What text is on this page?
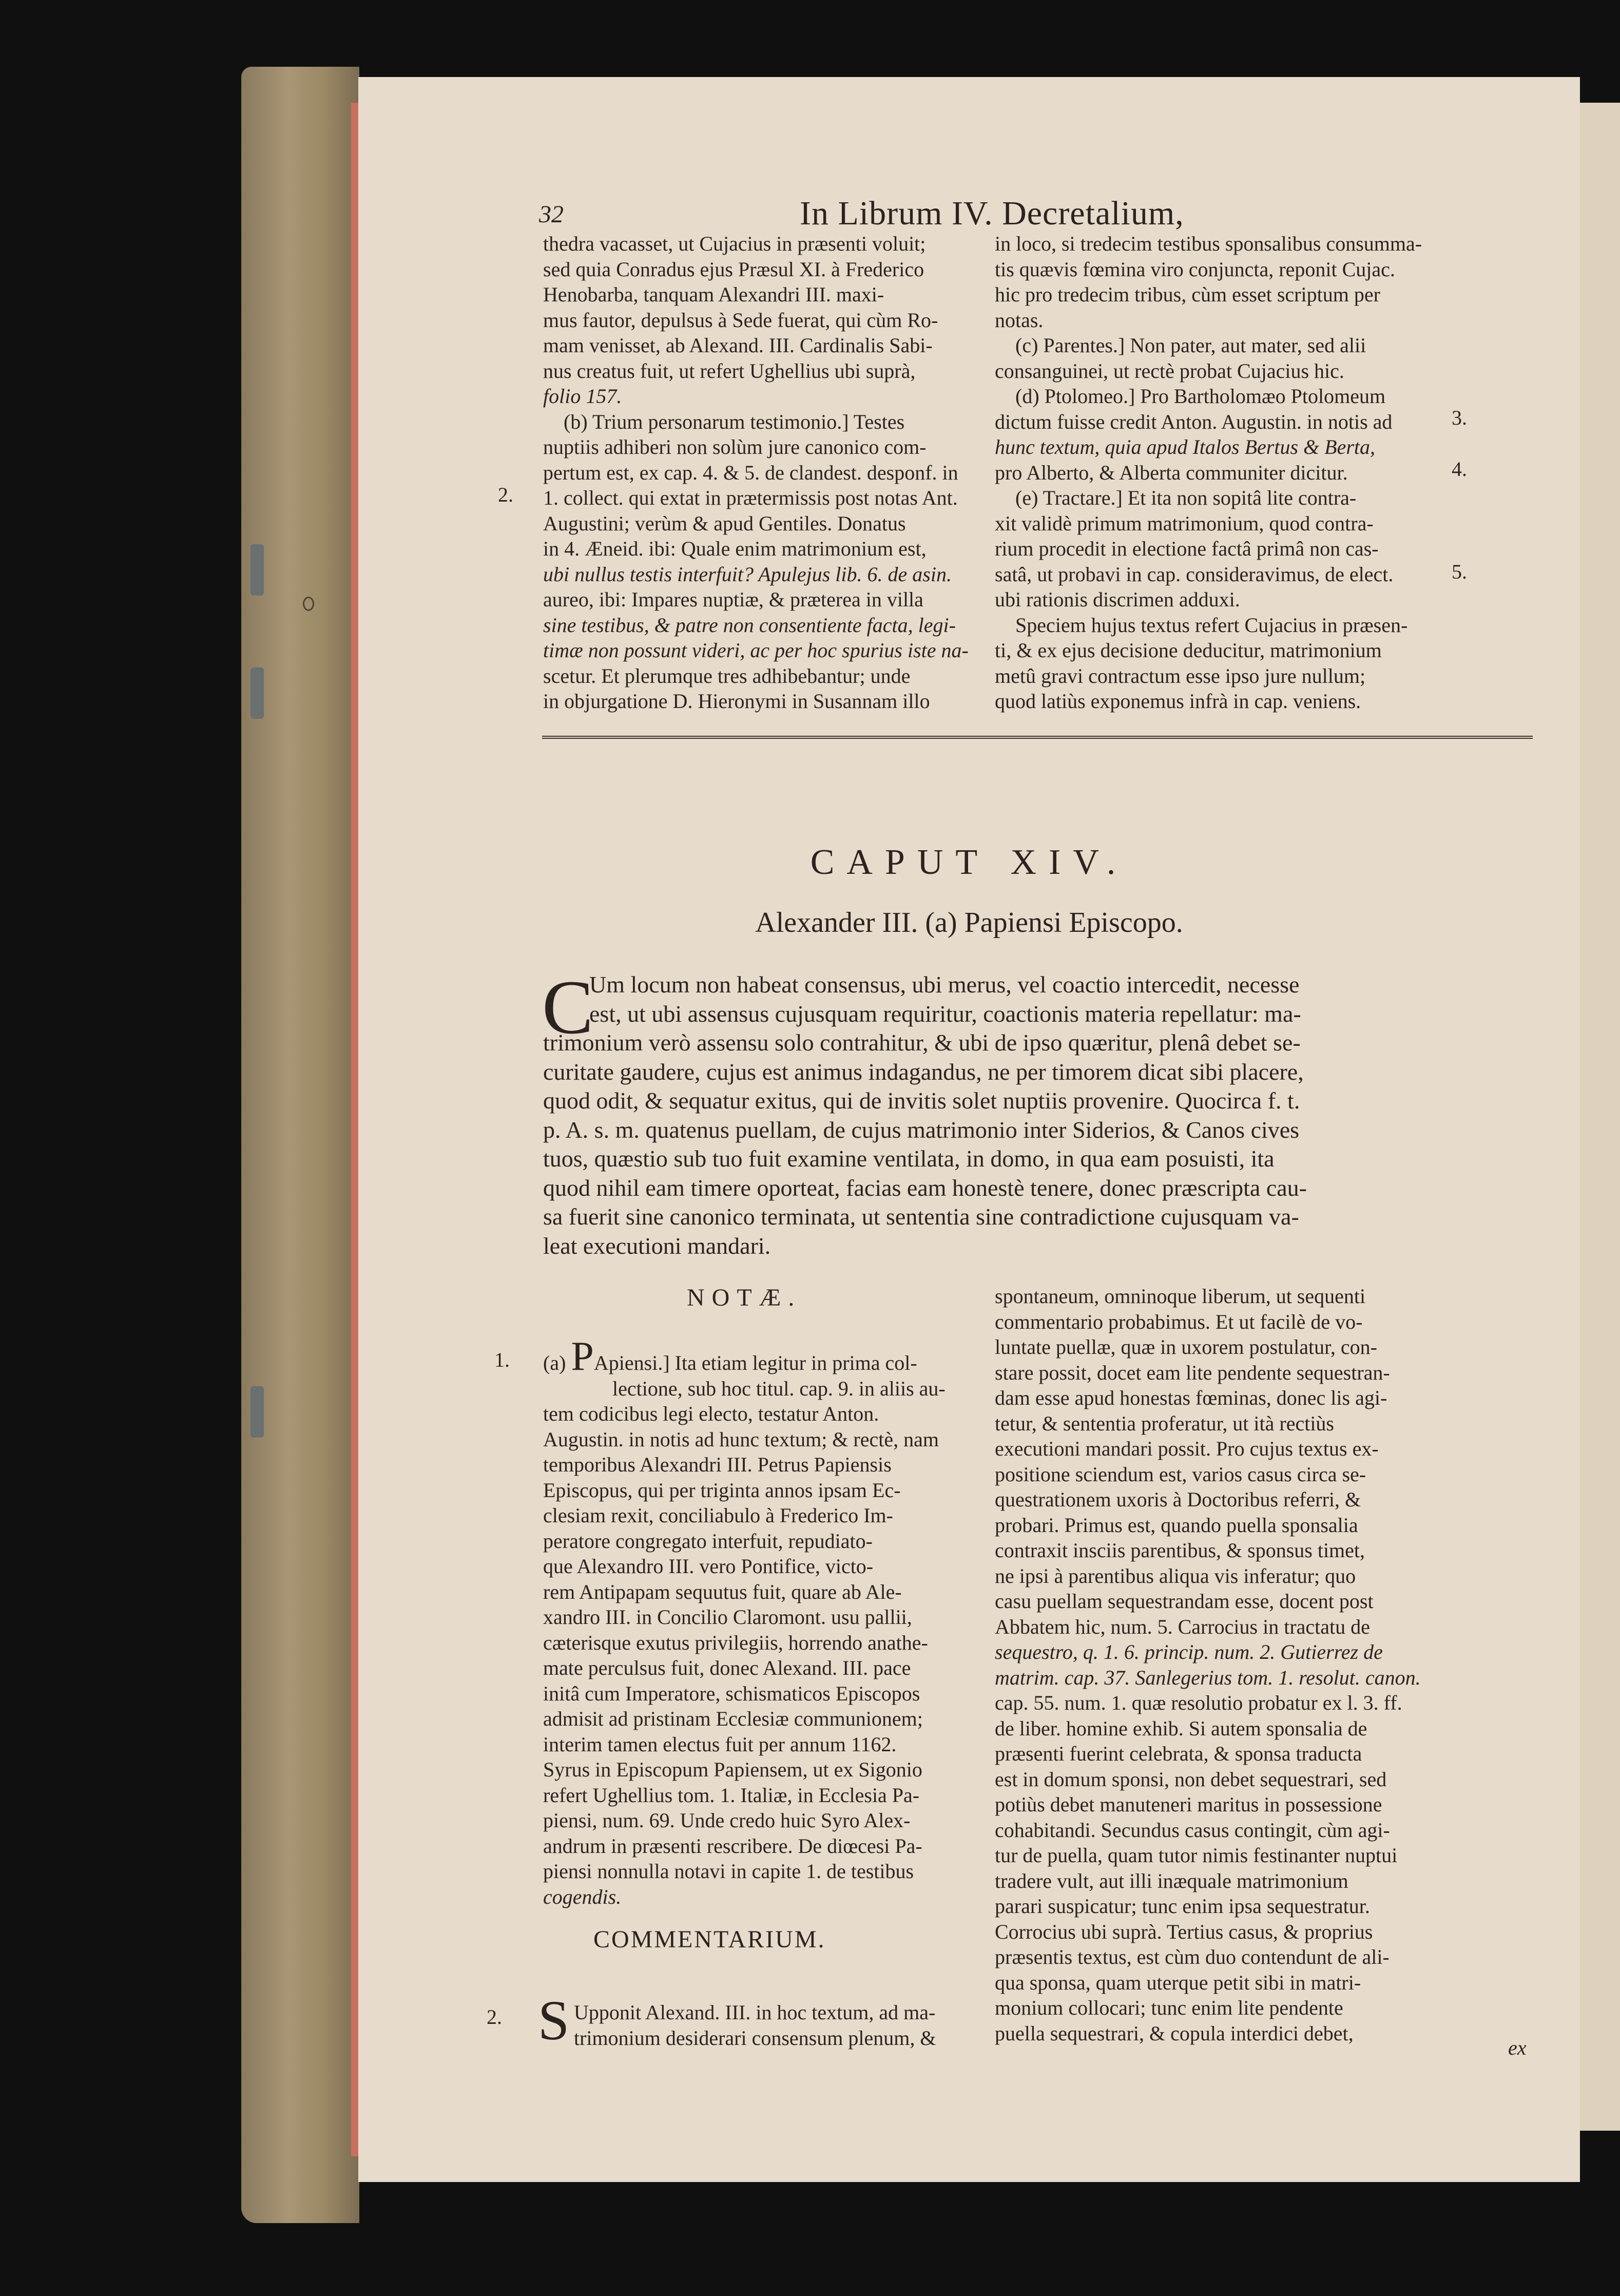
32	In Librum IV. Decretalium,

thedra vacasset, ut Cujacius in præsenti voluit;

sed quia Conradus ejus Præsul XI. à Frederico

Henobarba, tanquam Alexandri III. maxi-

mus fautor, depulsus à Sede fuerat, qui cùm Ro-

mam venisset, ab Alexand. III. Cardinalis Sabi-

nus creatus fuit, ut refert Ughellius ubi suprà,

folio 157.

(b) Trium personarum testimonio.] Testes

nuptiis adhiberi non solùm jure canonico com-

pertum est, ex cap. 4. & 5. de clandest. desponf. in

1. collect. qui extat in prætermissis post notas Ant.

Augustini; verùm & apud Gentiles. Donatus

in 4. Æneid. ibi: Quale enim matrimonium est,

ubi nullus testis interfuit? Apulejus lib. 6. de asin.

aureo, ibi: Impares nuptiæ, & præterea in villa

sine testibus, & patre non consentiente facta, legi-

timæ non possunt videri, ac per hoc spurius iste na-

scetur. Et plerumque tres adhibebantur; unde

in objurgatione D. Hieronymi in Susannam illo

2.

in loco, si tredecim testibus sponsalibus consumma-

tis quævis fœmina viro conjuncta, reponit Cujac.

hic pro tredecim tribus, cùm esset scriptum per

notas.

(c) Parentes.] Non pater, aut mater, sed alii

consanguinei, ut rectè probat Cujacius hic.

(d) Ptolomeo.] Pro Bartholomæo Ptolomeum

dictum fuisse credit Anton. Augustin. in notis ad

hunc textum, quia apud Italos Bertus & Berta,

pro Alberto, & Alberta communiter dicitur.

(e) Tractare.] Et ita non sopitâ lite contra-

xit validè primum matrimonium, quod contra-

rium procedit in electione factâ primâ non cas-

satâ, ut probavi in cap. consideravimus, de elect.

ubi rationis discrimen adduxi.

Speciem hujus textus refert Cujacius in præsen-

ti, & ex ejus decisione deducitur, matrimonium

metû gravi contractum esse ipso jure nullum;

quod latiùs exponemus infrà in cap. veniens.

3.
4.
5.
CAPUT XIV.
Alexander III. (a) Papiensi Episcopo.
C
Um locum non habeat consensus, ubi merus, vel coactio intercedit, necesse
est, ut ubi assensus cujusquam requiritur, coactionis materia repellatur: ma-
trimonium verò assensu solo contrahitur, & ubi de ipso quæritur, plenâ debet se-
curitate gaudere, cujus est animus indagandus, ne per timorem dicat sibi placere,
quod odit, & sequatur exitus, qui de invitis solet nuptiis provenire. Quocirca f. t.
p. A. s. m. quatenus puellam, de cujus matrimonio inter Siderios, & Canos cives
tuos, quæstio sub tuo fuit examine ventilata, in domo, in qua eam posuisti, ita
quod nihil eam timere oporteat, facias eam honestè tenere, donec præscripta cau-
sa fuerit sine canonico terminata, ut sententia sine contradictione cujusquam va-
leat executioni mandari.
NOTÆ.
1. (a) PApiensi.] Ita etiam legitur in prima col-

lectione, sub hoc titul. cap. 9. in aliis au-

tem codicibus legi electo, testatur Anton.

Augustin. in notis ad hunc textum; & rectè, nam

temporibus Alexandri III. Petrus Papiensis

Episcopus, qui per triginta annos ipsam Ec-

clesiam rexit, conciliabulo à Frederico Im-

peratore congregato interfuit, repudiato-

que Alexandro III. vero Pontifice, victo-

rem Antipapam sequutus fuit, quare ab Ale-

xandro III. in Concilio Claromont. usu pallii,

cæterisque exutus privilegiis, horrendo anathe-

mate perculsus fuit, donec Alexand. III. pace

initâ cum Imperatore, schismaticos Episcopos

admisit ad pristinam Ecclesiæ communionem;

interim tamen electus fuit per annum 1162.

Syrus in Episcopum Papiensem, ut ex Sigonio

refert Ughellius tom. 1. Italiæ, in Ecclesia Pa-

piensi, num. 69. Unde credo huic Syro Alex-

andrum in præsenti rescribere. De diœcesi Pa-

piensi nonnulla notavi in capite 1. de testibus

cogendis.

COMMENTARIUM.
2. S Upponit Alexand. III. in hoc textum, ad ma-

trimonium desiderari consensum plenum, &

spontaneum, omninoque liberum, ut sequenti

commentario probabimus. Et ut facilè de vo-

luntate puellæ, quæ in uxorem postulatur, con-

stare possit, docet eam lite pendente sequestran-

dam esse apud honestas fœminas, donec lis agi-

tetur, & sententia proferatur, ut ità rectiùs

executioni mandari possit. Pro cujus textus ex-

positione sciendum est, varios casus circa se-

questrationem uxoris à Doctoribus referri, &

probari. Primus est, quando puella sponsalia

contraxit insciis parentibus, & sponsus timet,

ne ipsi à parentibus aliqua vis inferatur; quo

casu puellam sequestrandam esse, docent post

Abbatem hic, num. 5. Carrocius in tractatu de

sequestro, q. 1. 6. princip. num. 2. Gutierrez de

matrim. cap. 37. Sanlegerius tom. 1. resolut. canon.

cap. 55. num. 1. quæ resolutio probatur ex l. 3. ff.

de liber. homine exhib. Si autem sponsalia de

præsenti fuerint celebrata, & sponsa traducta

est in domum sponsi, non debet sequestrari, sed

potiùs debet manuteneri maritus in possessione

cohabitandi. Secundus casus contingit, cùm agi-

tur de puella, quam tutor nimis festinanter nuptui

tradere vult, aut illi inæquale matrimonium

parari suspicatur; tunc enim ipsa sequestratur.

Corrocius ubi suprà. Tertius casus, & proprius

præsentis textus, est cùm duo contendunt de ali-

qua sponsa, quam uterque petit sibi in matri-

monium collocari; tunc enim lite pendente

puella sequestrari, & copula interdici debet,

ex
